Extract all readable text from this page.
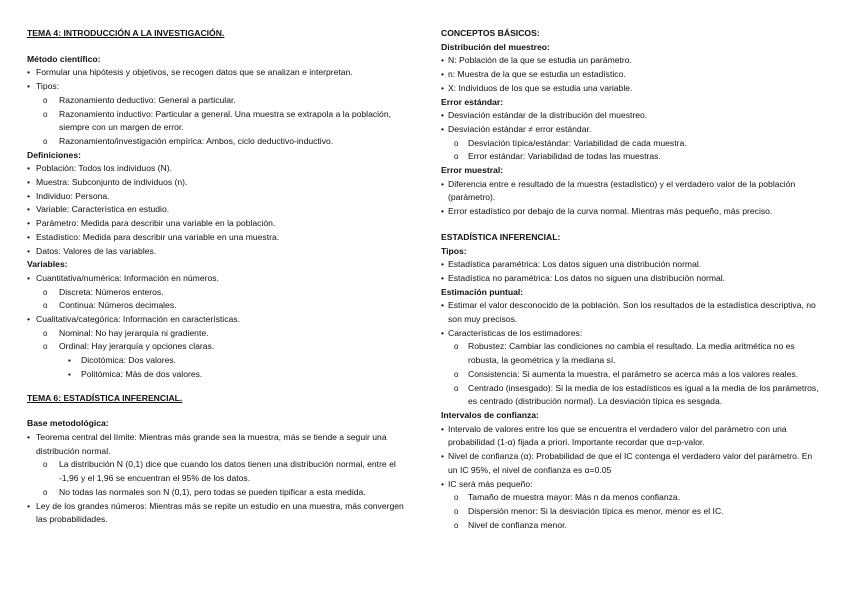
TEMA 4: INTRODUCCIÓN A LA INVESTIGACIÓN.

Método científico:

• Formular una hipótesis y objetivos, se recogen datos que se analizan e interpretan.

• Tipos:

o Razonamiento deductivo: General a particular.

o Razonamiento inductivo: Particular a general. Una muestra se extrapola a la población, siempre con un margen de error.

o Razonamiento/investigación empírica: Ambos, ciclo deductivo-inductivo.

Definiciones:

• Población: Todos los individuos (N).

• Muestra: Subconjunto de individuos (n).

• Individuo: Persona.

• Variable: Característica en estudio.

• Parámetro: Medida para describir una variable en la población.

• Estadístico: Medida para describir una variable en una muestra.

• Datos: Valores de las variables.

Variables:

• Cuantitativa/numérica: Información en números.

o Discreta: Números enteros.

o Continua: Números decimales.

• Cualitativa/categórica: Información en características.

o Nominal: No hay jerarquía ni gradiente.

o Ordinal: Hay jerarquía y opciones claras.

▪ Dicotómica: Dos valores.

▪ Politómica: Más de dos valores.

TEMA 6: ESTADÍSTICA INFERENCIAL.

Base metodológica:

• Teorema central del límite: Mientras más grande sea la muestra, más se tiende a seguir una distribución normal.

o La distribución N (0,1) dice que cuando los datos tienen una distribución normal, entre el -1,96 y el 1,96 se encuentran el 95% de los datos.

o No todas las normales son N (0,1), pero todas se pueden tipificar a esta medida.

• Ley de los grandes números: Mientras más se repite un estudio en una muestra, más convergen las probabilidades.

CONCEPTOS BÁSICOS:

Distribución del muestreo:

• N: Población de la que se estudia un parámetro.

• n: Muestra de la que se estudia un estadístico.

• X: Individuos de los que se estudia una variable.

Error estándar:

• Desviación estándar de la distribución del muestreo.

• Desviación estándar ≠ error estándar.

o Desviación típica/estándar: Variabilidad de cada muestra.

o Error estándar: Variabilidad de todas las muestras.

Error muestral:

• Diferencia entre e resultado de la muestra (estadístico) y el verdadero valor de la población (parámetro).

• Error estadístico por debajo de la curva normal. Mientras más pequeño, más preciso.

ESTADÍSTICA INFERENCIAL:

Tipos:

• Estadística paramétrica: Los datos siguen una distribución normal.

• Estadística no paramétrica: Los datos no siguen una distribución normal.

Estimación puntual:

• Estimar el valor desconocido de la población. Son los resultados de la estadística descriptiva, no son muy precisos.

• Características de los estimadores:

o Robustez: Cambiar las condiciones no cambia el resultado. La media aritmética no es robusta, la geométrica y la mediana sí.

o Consistencia: Si aumenta la muestra, el parámetro se acerca más a los valores reales.

o Centrado (insesgado): Si la media de los estadísticos es igual a la media de los parámetros, es centrado (distribución normal). La desviación típica es sesgada.

Intervalos de confianza:

• Intervalo de valores entre los que se encuentra el verdadero valor del parámetro con una probabilidad (1-α) fijada a priori. Importante recordar que α=p-valor.

• Nivel de confianza (α): Probabilidad de que el IC contenga el verdadero valor del parámetro. En un IC 95%, el nivel de confianza es α=0.05

• IC será más pequeño:

o Tamaño de muestra mayor: Más n da menos confianza.

o Dispersión menor: Si la desviación típica es menor, menor es el IC.

o Nivel de confianza menor.
